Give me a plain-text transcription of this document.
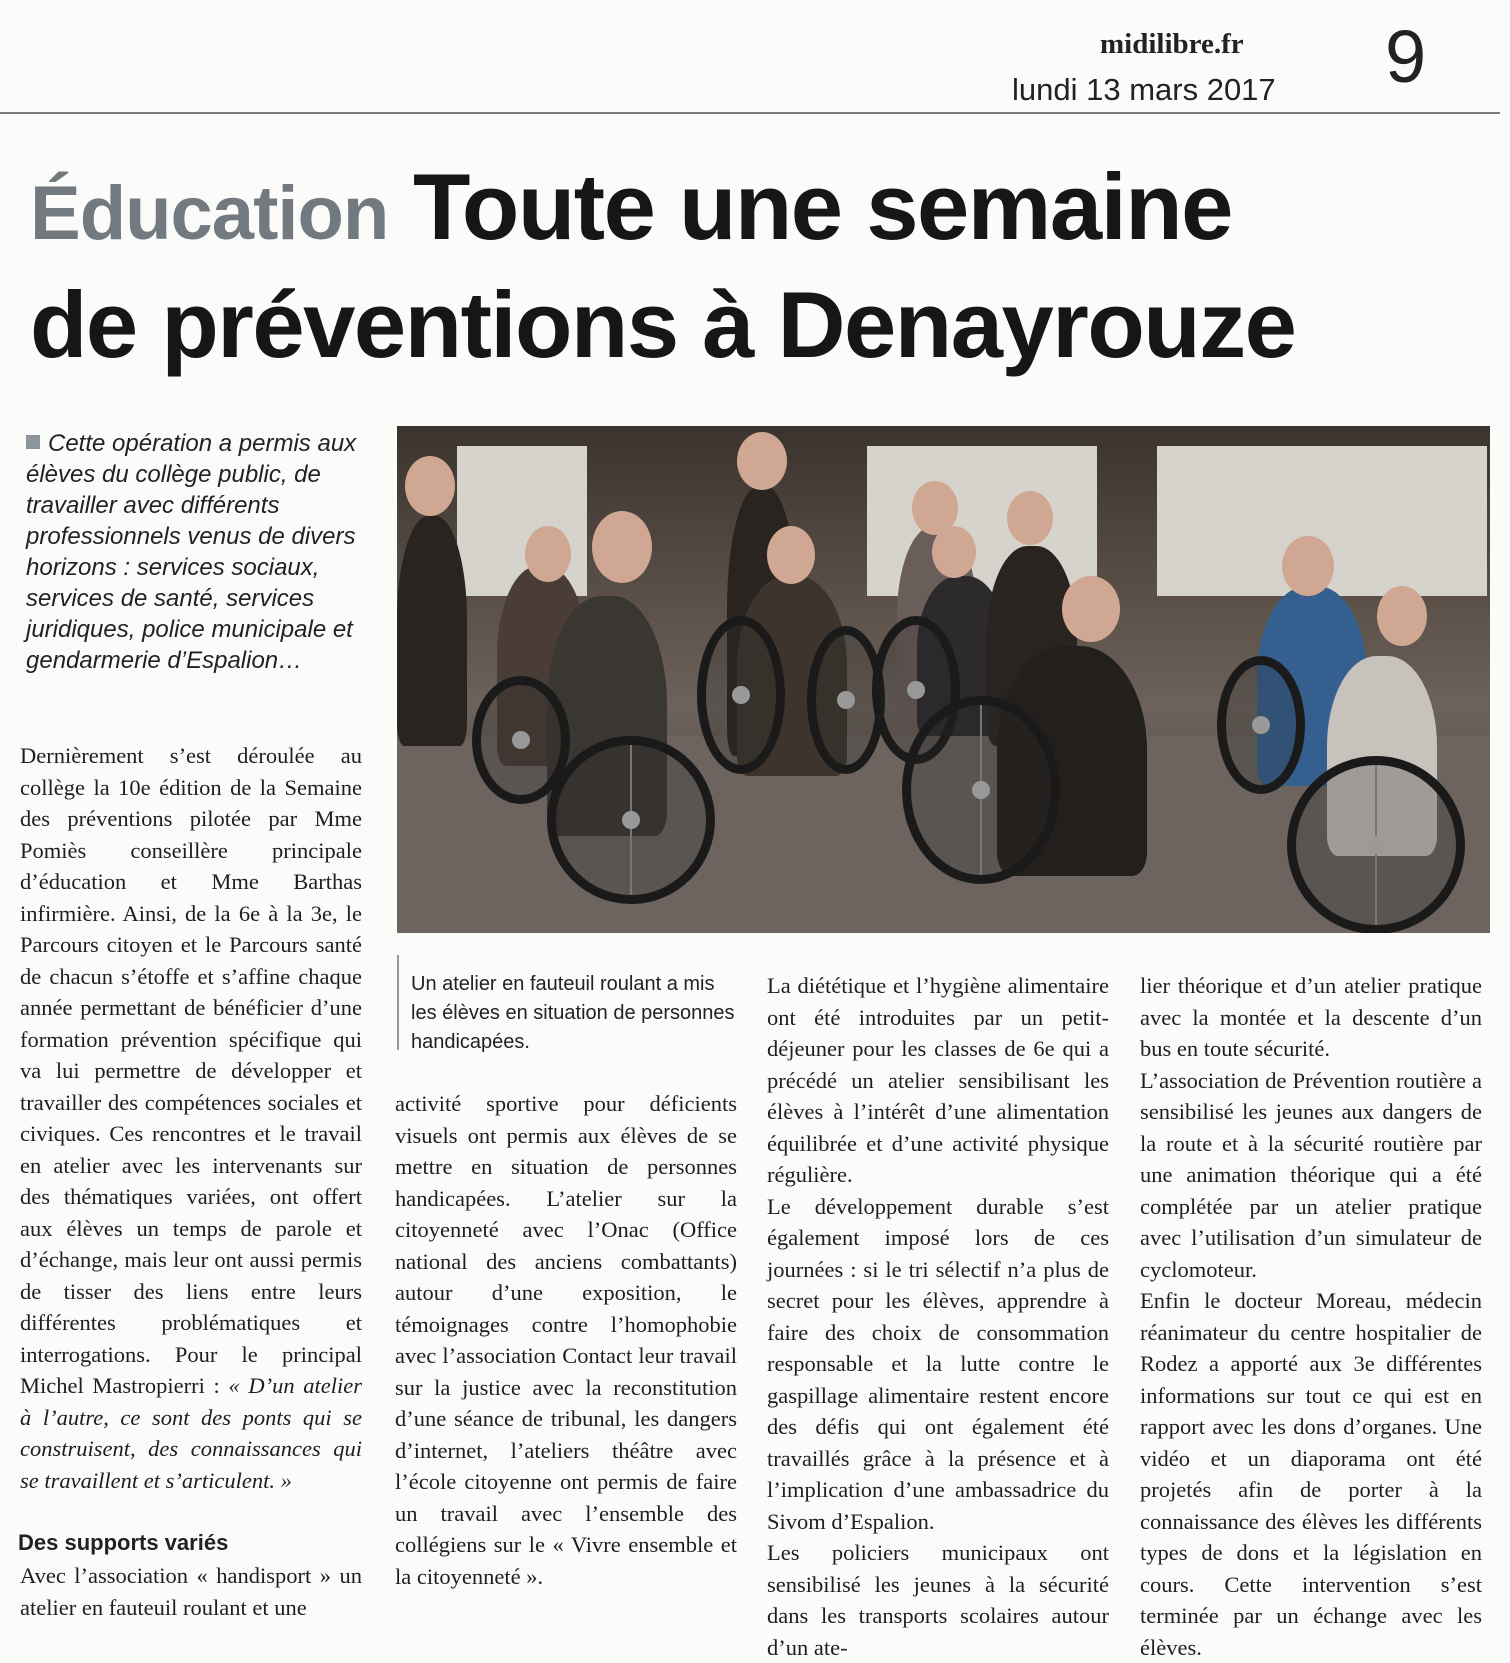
midilibre.fr
lundi 13 mars 2017 9
Éducation Toute une semaine
de préventions à Denayrouze
Cette opération a permis aux élèves du collège public, de travailler avec différents professionnels venus de divers horizons : services sociaux, services de santé, services juridiques, police municipale et gendarmerie d’Espalion…
Un atelier en fauteuil roulant a mis les élèves en situation de personnes handicapées.

Dernièrement s’est déroulée au collège la 10e édition de la Semaine des préventions pilotée par Mme Pomiès conseillère principale d’éducation et Mme Barthas infirmière. Ainsi, de la 6e à la 3e, le Parcours citoyen et le Parcours santé de chacun s’étoffe et s’affine chaque année permettant de bénéficier d’une formation prévention spécifique qui va lui permettre de développer et travailler des compétences sociales et civiques. Ces rencontres et le travail en atelier avec les intervenants sur des thématiques variées, ont offert aux élèves un temps de parole et d’échange, mais leur ont aussi permis de tisser des liens entre leurs différentes problématiques et interrogations. Pour le principal Michel Mastropierri : « D’un atelier à l’autre, ce sont des ponts qui se construisent, des connaissances qui se travaillent et s’articulent. »

Des supports variés

Avec l’association « handisport » un atelier en fauteuil roulant et une

activité sportive pour déficients visuels ont permis aux élèves de se mettre en situation de personnes handicapées. L’atelier sur la citoyenneté avec l’Onac (Office national des anciens combattants) autour d’une exposition, le témoignages contre l’homophobie avec l’association Contact leur travail sur la justice avec la reconstitution d’une séance de tribunal, les dangers d’internet, l’ateliers théâtre avec l’école citoyenne ont permis de faire un travail avec l’ensemble des collégiens sur le « Vivre ensemble et la citoyenneté ».

La diététique et l’hygiène alimentaire ont été introduites par un petit-déjeuner pour les classes de 6e qui a précédé un atelier sensibilisant les élèves à l’intérêt d’une alimentation équilibrée et d’une activité physique régulière.

Le développement durable s’est également imposé lors de ces journées : si le tri sélectif n’a plus de secret pour les élèves, apprendre à faire des choix de consommation responsable et la lutte contre le gaspillage alimentaire restent encore des défis qui ont également été travaillés grâce à la présence et à l’implication d’une ambassadrice du Sivom d’Espalion.

Les policiers municipaux ont sensibilisé les jeunes à la sécurité dans les transports scolaires autour d’un ate-

lier théorique et d’un atelier pratique avec la montée et la descente d’un bus en toute sécurité.

L’association de Prévention routière a sensibilisé les jeunes aux dangers de la route et à la sécurité routière par une animation théorique qui a été complétée par un atelier pratique avec l’utilisation d’un simulateur de cyclomoteur.

Enfin le docteur Moreau, médecin réanimateur du centre hospitalier de Rodez a apporté aux 3e différentes informations sur tout ce qui est en rapport avec les dons d’organes. Une vidéo et un diaporama ont été projetés afin de porter à la connaissance des élèves les différents types de dons et la législation en cours. Cette intervention s’est terminée par un échange avec les élèves.
